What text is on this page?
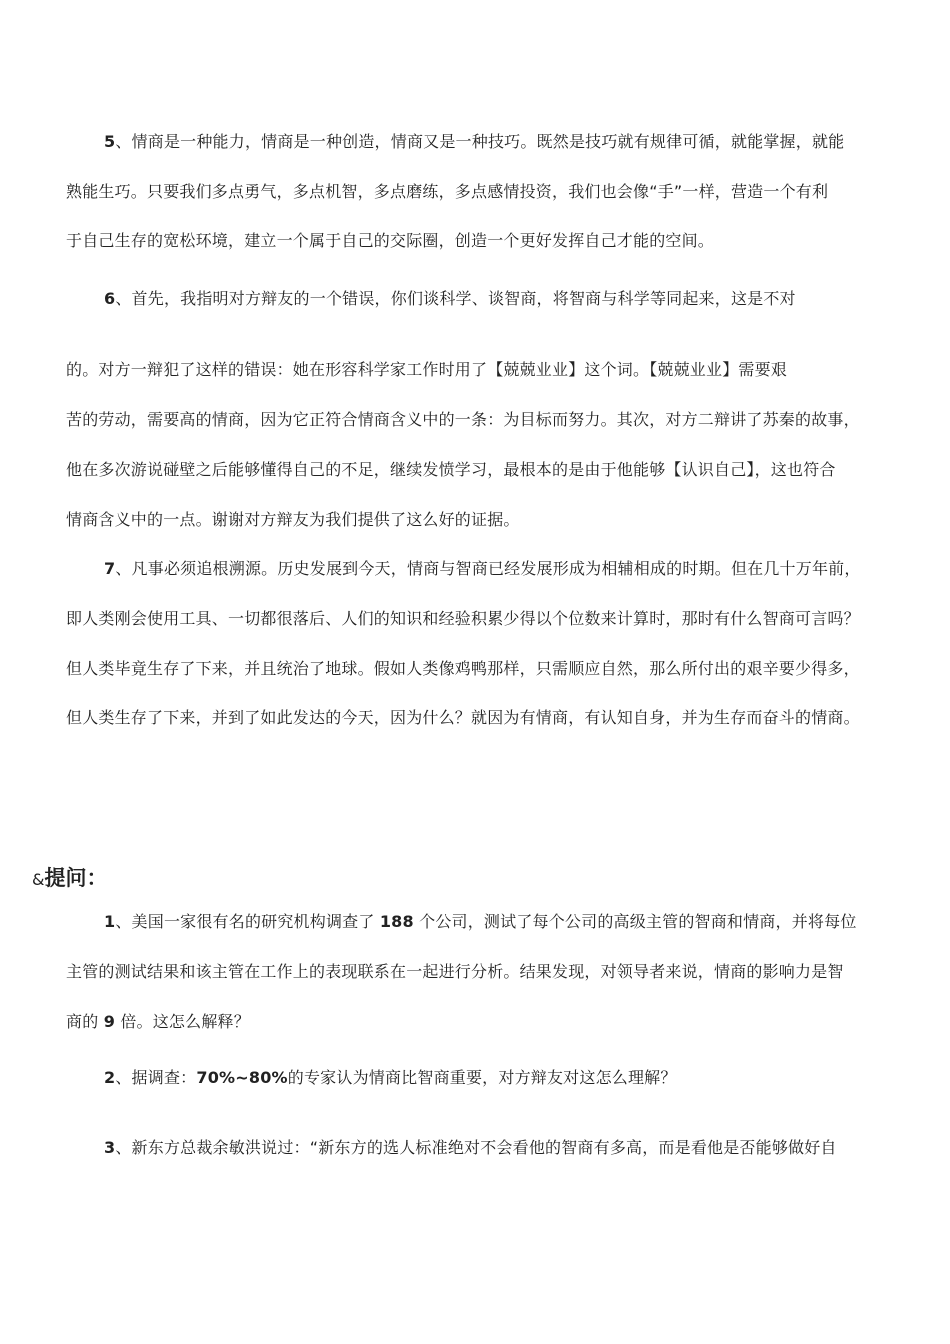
5、情商是一种能力，情商是一种创造，情商又是一种技巧。既然是技巧就有规律可循，就能掌握，就能
熟能生巧。只要我们多点勇气，多点机智，多点磨练，多点感情投资，我们也会像“手”一样，营造一个有利
于自己生存的宽松环境，建立一个属于自己的交际圈，创造一个更好发挥自己才能的空间。
6、首先，我指明对方辩友的一个错误，你们谈科学、谈智商，将智商与科学等同起来，这是不对
的。对方一辩犯了这样的错误：她在形容科学家工作时用了【兢兢业业】这个词。【兢兢业业】需要艰
苦的劳动，需要高的情商，因为它正符合情商含义中的一条：为目标而努力。其次，对方二辩讲了苏秦的故事，
他在多次游说碰壁之后能够懂得自己的不足，继续发愤学习，最根本的是由于他能够【认识自己】，这也符合
情商含义中的一点。谢谢对方辩友为我们提供了这么好的证据。
7、凡事必须追根溯源。历史发展到今天，情商与智商已经发展形成为相辅相成的时期。但在几十万年前，
即人类刚会使用工具、一切都很落后、人们的知识和经验积累少得以个位数来计算时，那时有什么智商可言吗？
但人类毕竟生存了下来，并且统治了地球。假如人类像鸡鸭那样，只需顺应自然，那么所付出的艰辛要少得多，
但人类生存了下来，并到了如此发达的今天，因为什么？就因为有情商，有认知自身，并为生存而奋斗的情商。
&提问：
1、美国一家很有名的研究机构调查了 188 个公司，测试了每个公司的高级主管的智商和情商，并将每位
主管的测试结果和该主管在工作上的表现联系在一起进行分析。结果发现，对领导者来说，情商的影响力是智
商的 9 倍。这怎么解释？
2、据调查：70%~80%的专家认为情商比智商重要，对方辩友对这怎么理解？
3、新东方总裁余敏洪说过：“新东方的选人标准绝对不会看他的智商有多高，而是看他是否能够做好自
